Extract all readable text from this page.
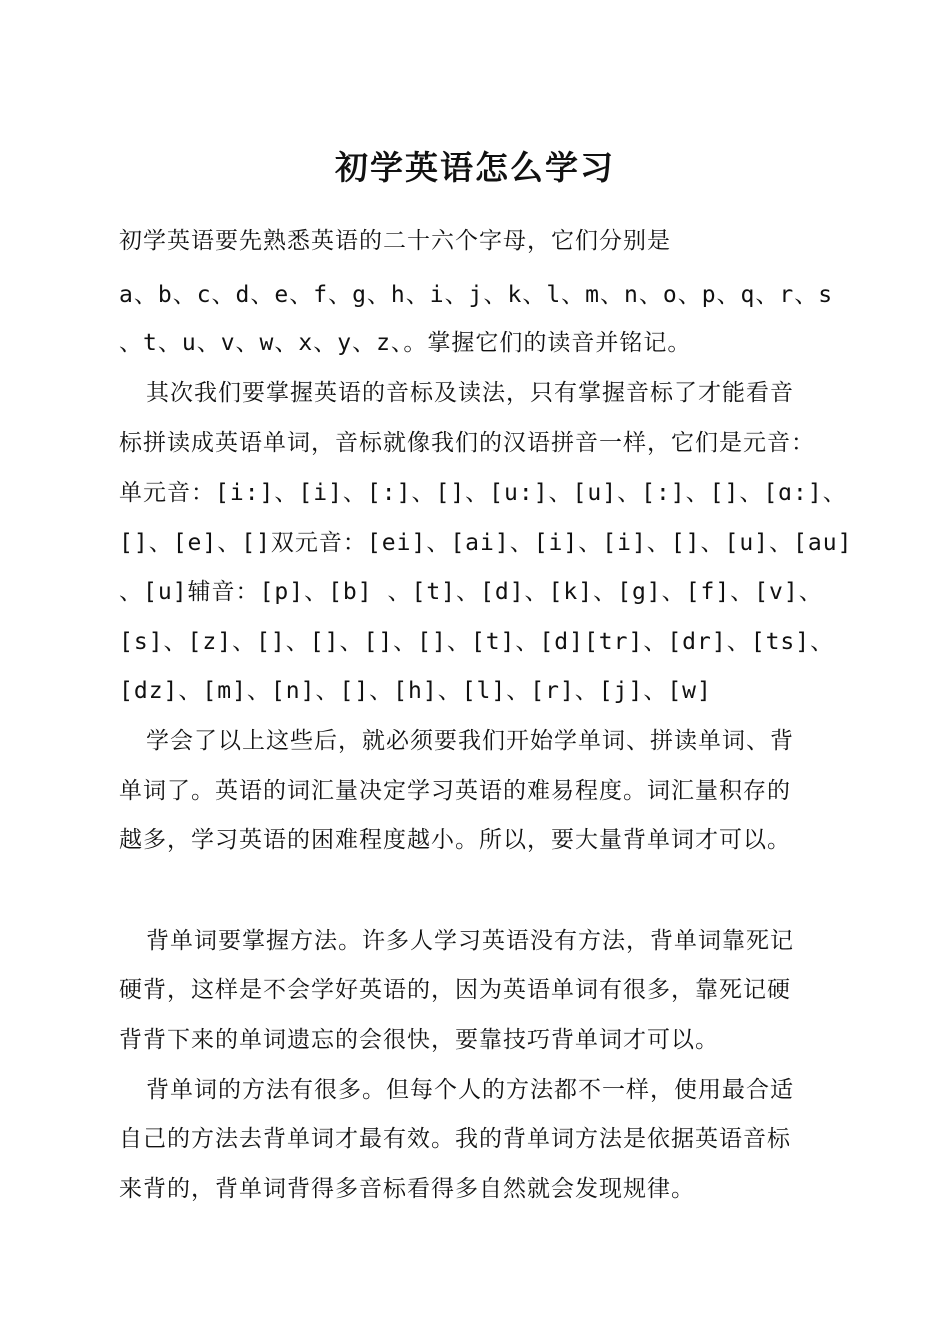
初学英语怎么学习
初学英语要先熟悉英语的二十六个字母，它们分别是
a、b、c、d、e、f、g、h、i、j、k、l、m、n、o、p、q、r、s
、t、u、v、w、x、y、z、。掌握它们的读音并铭记。
其次我们要掌握英语的音标及读法，只有掌握音标了才能看音
标拼读成英语单词，音标就像我们的汉语拼音一样，它们是元音：
单元音：[i:]、[i]、[:]、[]、[u:]、[u]、[:]、[]、[ɑ:]、
[]、[e]、[]双元音：[ei]、[ai]、[i]、[i]、[]、[u]、[au]
、[u]辅音：[p]、[b] 、[t]、[d]、[k]、[g]、[f]、[v]、
[s]、[z]、[]、[]、[]、[]、[t]、[d][tr]、[dr]、[ts]、
[dz]、[m]、[n]、[]、[h]、[l]、[r]、[j]、[w]
学会了以上这些后，就必须要我们开始学单词、拼读单词、背
单词了。英语的词汇量决定学习英语的难易程度。词汇量积存的
越多，学习英语的困难程度越小。所以，要大量背单词才可以。
背单词要掌握方法。许多人学习英语没有方法，背单词靠死记
硬背，这样是不会学好英语的，因为英语单词有很多，靠死记硬
背背下来的单词遗忘的会很快，要靠技巧背单词才可以。
背单词的方法有很多。但每个人的方法都不一样，使用最合适
自己的方法去背单词才最有效。我的背单词方法是依据英语音标
来背的，背单词背得多音标看得多自然就会发现规律。
